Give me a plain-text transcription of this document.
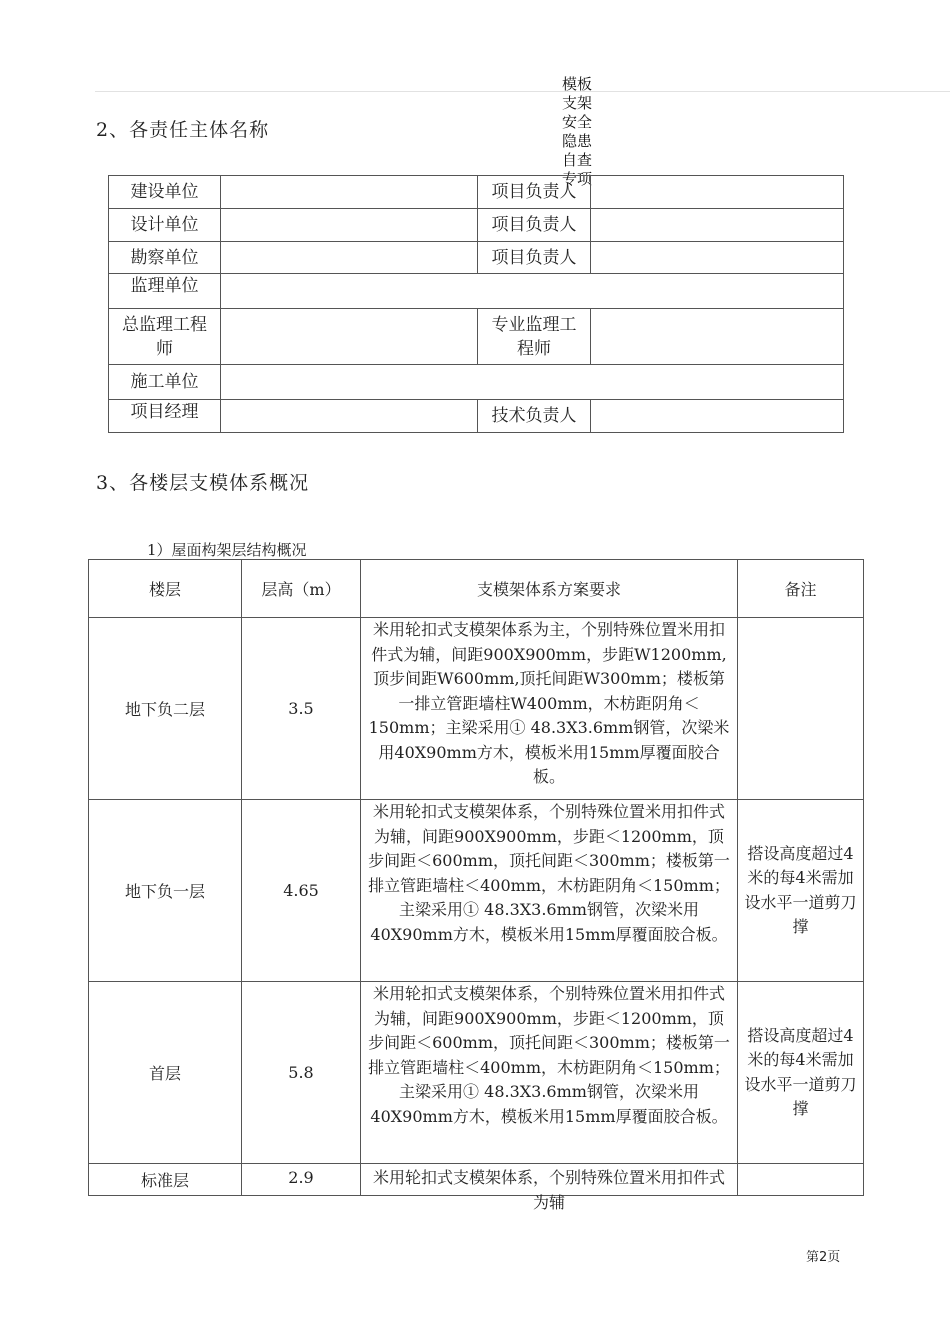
模板支架安全隐患自查专项
2、各责任主体名称
建设单位		项目负责人	
设计单位		项目负责人	
勘察单位		项目负责人	
监理单位			
总监理工程师		专业监理工程师	
施工单位			
项目经理		技术负责人	
3、各楼层支模体系概况
1）屋面构架层结构概况
楼层	层高（m）	支模架体系方案要求	备注
地下负二层	3.5	米用轮扣式支模架体系为主，个别特殊位置米用扣件式为辅，间距900X900mm，步距W1200mm,顶步间距W600mm,顶托间距W300mm；楼板第一排立管距墙柱W400mm，木枋距阴角＜150mm；主梁采用① 48.3X3.6mm钢管，次梁米用40X90mm方木，模板米用15mm厚覆面胶合板。	
地下负一层	4.65	米用轮扣式支模架体系，个别特殊位置米用扣件式为辅，间距900X900mm，步距＜1200mm，顶步间距＜600mm，顶托间距＜300mm；楼板第一排立管距墙柱＜400mm，木枋距阴角＜150mm；主梁采用① 48.3X3.6mm钢管，次梁米用40X90mm方木，模板米用15mm厚覆面胶合板。	搭设高度超过4米的每4米需加设水平一道剪刀撑
首层	5.8	米用轮扣式支模架体系，个别特殊位置米用扣件式为辅，间距900X900mm，步距＜1200mm，顶步间距＜600mm，顶托间距＜300mm；楼板第一排立管距墙柱＜400mm，木枋距阴角＜150mm；主梁采用① 48.3X3.6mm钢管，次梁米用40X90mm方木，模板米用15mm厚覆面胶合板。	搭设高度超过4米的每4米需加设水平一道剪刀撑
标准层	2.9	米用轮扣式支模架体系，个别特殊位置米用扣件式为辅	

第2页
